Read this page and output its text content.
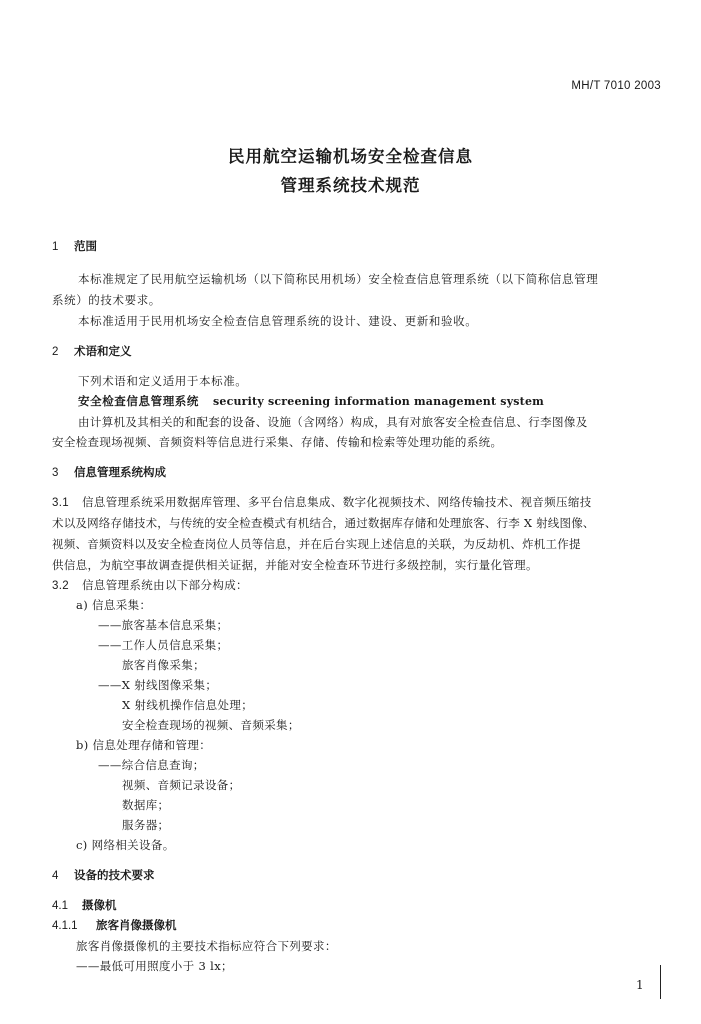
MH/T 7010 2003
民用航空运输机场安全检查信息
管理系统技术规范
1 范围
本标准规定了民用航空运输机场（以下简称民用机场）安全检查信息管理系统（以下简称信息管理
系统）的技术要求。
本标准适用于民用机场安全检查信息管理系统的设计、建设、更新和验收。
2 术语和定义
下列术语和定义适用于本标准。
安全检查信息管理系统 security screening information management system
由计算机及其相关的和配套的设备、设施（含网络）构成，具有对旅客安全检查信息、行李图像及
安全检查现场视频、音频资料等信息进行采集、存储、传输和检索等处理功能的系统。
3 信息管理系统构成
3.1 信息管理系统采用数据库管理、多平台信息集成、数字化视频技术、网络传输技术、视音频压缩技
术以及网络存储技术，与传统的安全检查模式有机结合，通过数据库存储和处理旅客、行李 X 射线图像、
视频、音频资料以及安全检查岗位人员等信息，并在后台实现上述信息的关联，为反劫机、炸机工作提
供信息，为航空事故调查提供相关证据，并能对安全检查环节进行多级控制，实行量化管理。
3.2 信息管理系统由以下部分构成：
a) 信息采集：
——旅客基本信息采集；
——工作人员信息采集；
旅客肖像采集；
——X 射线图像采集；
X 射线机操作信息处理；
安全检查现场的视频、音频采集；
b) 信息处理存储和管理：
——综合信息查询；
视频、音频记录设备；
数据库；
服务器；
c) 网络相关设备。
4 设备的技术要求
4.1 摄像机
4.1.1 旅客肖像摄像机
旅客肖像摄像机的主要技术指标应符合下列要求：
——最低可用照度小于 3 lx；
1
